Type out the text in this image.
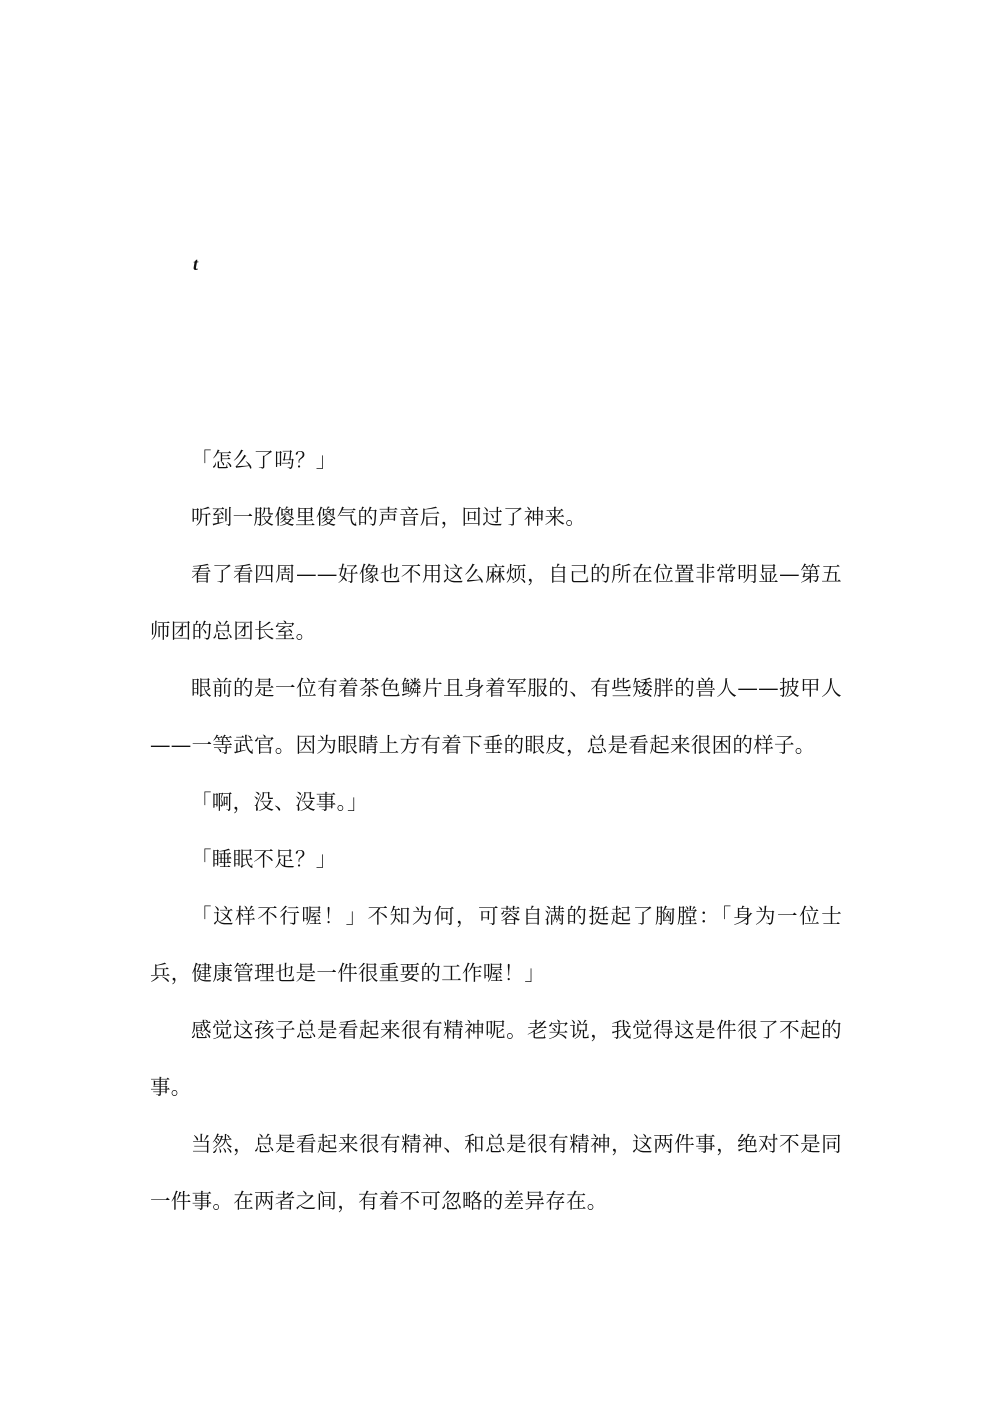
t

「怎么了吗？」

听到一股傻里傻气的声音后，回过了神来。

看了看四周——好像也不用这么麻烦，自己的所在位置非常明显—第五师团的总团长室。

眼前的是一位有着茶色鳞片且身着军服的、有些矮胖的兽人——披甲人——一等武官。因为眼睛上方有着下垂的眼皮，总是看起来很困的样子。

「啊，没、没事。」

「睡眠不足？」

「这样不行喔！」不知为何，可蓉自满的挺起了胸膛：「身为一位士兵，健康管理也是一件很重要的工作喔！」

感觉这孩子总是看起来很有精神呢。老实说，我觉得这是件很了不起的事。

当然，总是看起来很有精神、和总是很有精神，这两件事，绝对不是同一件事。在两者之间，有着不可忽略的差异存在。
